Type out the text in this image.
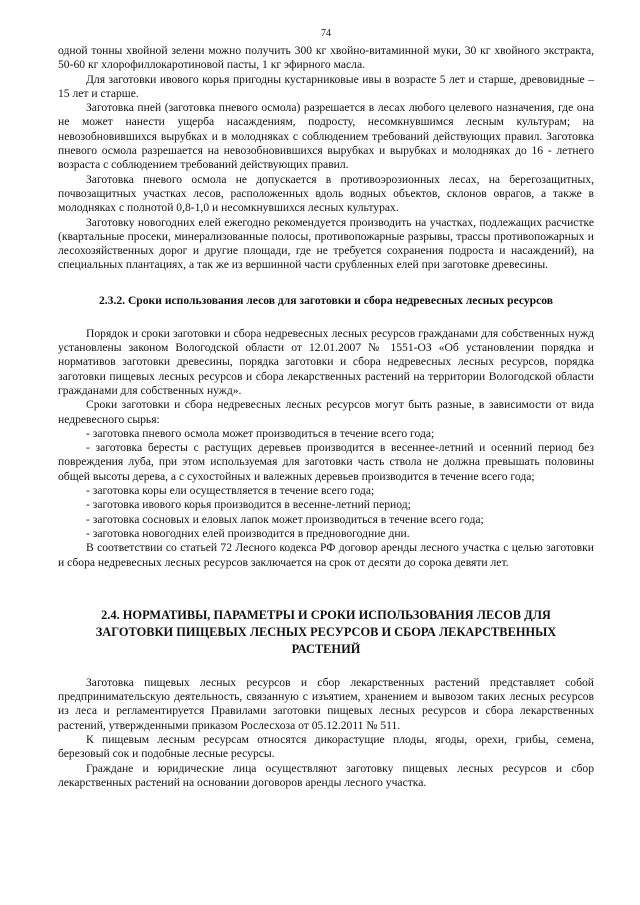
74

одной тонны хвойной зелени можно получить 300 кг хвойно-витаминной муки, 30 кг хвойного экстракта, 50-60 кг хлорофиллокаротиновой пасты, 1 кг эфирного масла.

Для заготовки ивового корья пригодны кустарниковые ивы в возрасте 5 лет и старше, древовидные – 15 лет и старше.

Заготовка пней (заготовка пневого осмола) разрешается в лесах любого целевого назначения, где она не может нанести ущерба насаждениям, подросту, несомкнувшимся лесным культурам; на невозобновившихся вырубках и в молодняках с соблюдением требований действующих правил. Заготовка пневого осмола разрешается на невозобновившихся вырубках и вырубках и молодняках до 16 - летнего возраста с соблюдением требований действующих правил.

Заготовка пневого осмола не допускается в противоэрозионных лесах, на берегозащитных, почвозащитных участках лесов, расположенных вдоль водных объектов, склонов оврагов, а также в молодняках с полнотой 0,8-1,0 и несомкнувшихся лесных культурах.

Заготовку новогодних елей ежегодно рекомендуется производить на участках, подлежащих расчистке (квартальные просеки, минерализованные полосы, противопожарные разрывы, трассы противопожарных и лесохозяйственных дорог и другие площади, где не требуется сохранения подроста и насаждений), на специальных плантациях, а так же из вершинной части срубленных елей при заготовке древесины.

2.3.2. Сроки использования лесов для заготовки и сбора недревесных лесных ресурсов

Порядок и сроки заготовки и сбора недревесных лесных ресурсов гражданами для собственных нужд установлены законом Вологодской области от 12.01.2007 № 1551-ОЗ «Об установлении порядка и нормативов заготовки древесины, порядка заготовки и сбора недревесных лесных ресурсов, порядка заготовки пищевых лесных ресурсов и сбора лекарственных растений на территории Вологодской области гражданами для собственных нужд».

Сроки заготовки и сбора недревесных лесных ресурсов могут быть разные, в зависимости от вида недревесного сырья:

- заготовка пневого осмола может производиться в течение всего года;

- заготовка бересты с растущих деревьев производится в весеннее-летний и осенний период без повреждения луба, при этом используемая для заготовки часть ствола не должна превышать половины общей высоты дерева, а с сухостойных и валежных деревьев производится в течение всего года;

- заготовка коры ели осуществляется в течение всего года;

- заготовка ивового корья производится в весенне-летний период;

- заготовка сосновых и еловых лапок может производиться в течение всего года;

- заготовка новогодних елей производится в предновогодние дни.

В соответствии со статьей 72 Лесного кодекса РФ договор аренды лесного участка с целью заготовки и сбора недревесных лесных ресурсов заключается на срок от десяти до сорока девяти лет.

2.4. НОРМАТИВЫ, ПАРАМЕТРЫ И СРОКИ ИСПОЛЬЗОВАНИЯ ЛЕСОВ ДЛЯ ЗАГОТОВКИ ПИЩЕВЫХ ЛЕСНЫХ РЕСУРСОВ И СБОРА ЛЕКАРСТВЕННЫХ РАСТЕНИЙ

Заготовка пищевых лесных ресурсов и сбор лекарственных растений представляет собой предпринимательскую деятельность, связанную с изъятием, хранением и вывозом таких лесных ресурсов из леса и регламентируется Правилами заготовки пищевых лесных ресурсов и сбора лекарственных растений, утвержденными приказом Рослесхоза от 05.12.2011 № 511.

К пищевым лесным ресурсам относятся дикорастущие плоды, ягоды, орехи, грибы, семена, березовый сок и подобные лесные ресурсы.

Граждане и юридические лица осуществляют заготовку пищевых лесных ресурсов и сбор лекарственных растений на основании договоров аренды лесного участка.
